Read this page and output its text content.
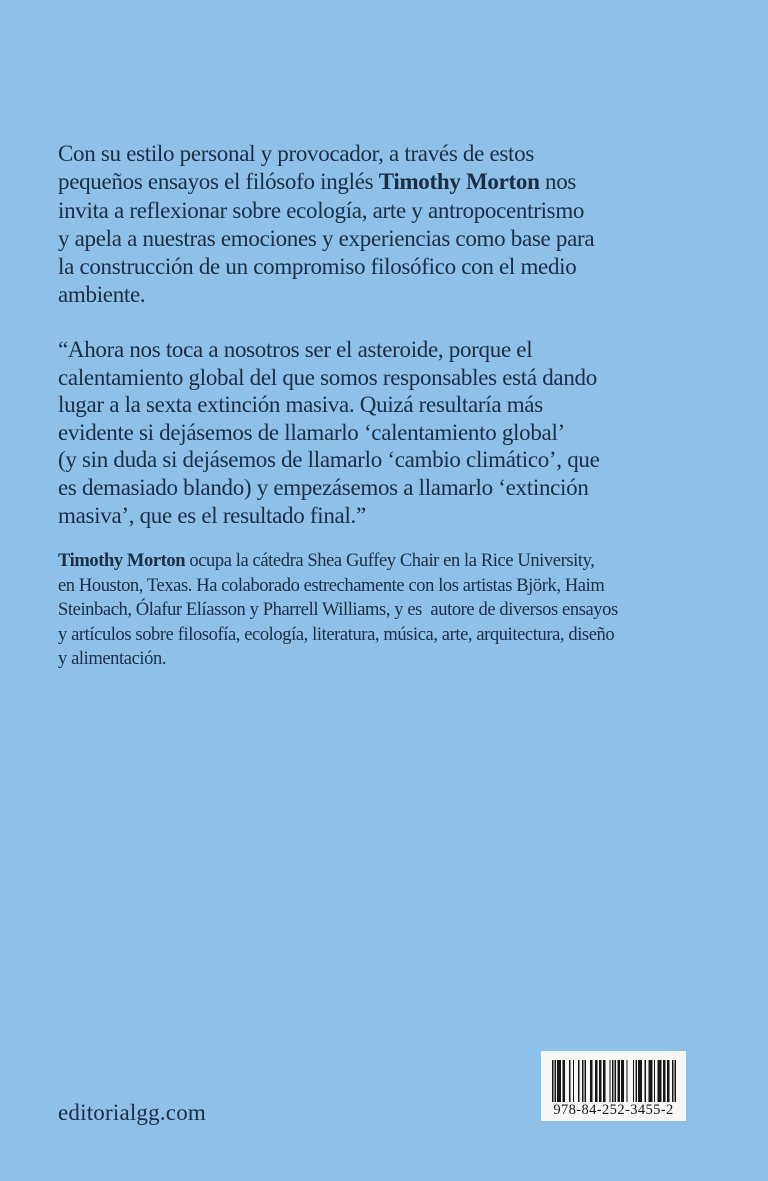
Con su estilo personal y provocador, a través de estos
pequeños ensayos el filósofo inglés Timothy Morton nos
invita a reflexionar sobre ecología, arte y antropocentrismo
y apela a nuestras emociones y experiencias como base para
la construcción de un compromiso filosófico con el medio
ambiente.
“Ahora nos toca a nosotros ser el asteroide, porque el
calentamiento global del que somos responsables está dando
lugar a la sexta extinción masiva. Quizá resultaría más
evidente si dejásemos de llamarlo ‘calentamiento global’
(y sin duda si dejásemos de llamarlo ‘cambio climático’, que
es demasiado blando) y empezásemos a llamarlo ‘extinción
masiva’, que es el resultado final.”
Timothy Morton ocupa la cátedra Shea Guffey Chair en la Rice University,
en Houston, Texas. Ha colaborado estrechamente con los artistas Björk, Haim
Steinbach, Ólafur Elíasson y Pharrell Williams, y es  autore de diversos ensayos
y artículos sobre filosofía, ecología, literatura, música, arte, arquitectura, diseño
y alimentación.
editorialgg.com	978-84-252-3455-2
